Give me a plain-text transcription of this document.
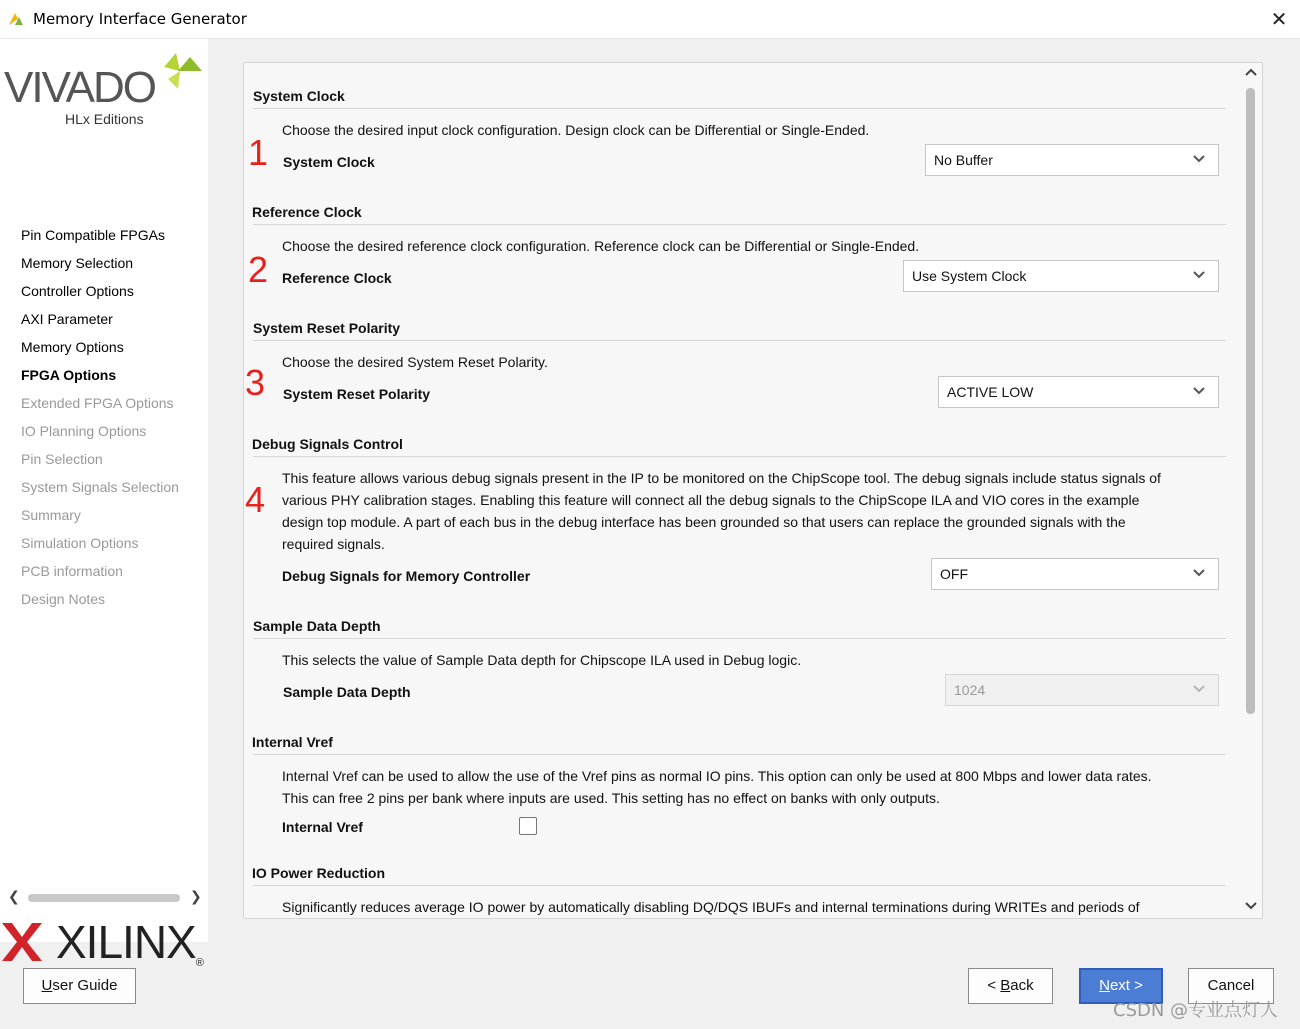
Memory Interface Generator	✕
VIVADO
HLx Editions
Pin Compatible FPGAs
Memory Selection
Controller Options
AXI Parameter
Memory Options
FPGA Options
Extended FPGA Options
IO Planning Options
Pin Selection
System Signals Selection
Summary
Simulation Options
PCB information
Design Notes
❮	❯
XILINX®
System Clock
Choose the desired input clock configuration. Design clock can be Differential or Single-Ended.
System Clock	No Buffer
Reference Clock
Choose the desired reference clock configuration. Reference clock can be Differential or Single-Ended.
Reference Clock	Use System Clock
System Reset Polarity
Choose the desired System Reset Polarity.
System Reset Polarity	ACTIVE LOW
Debug Signals Control
This feature allows various debug signals present in the IP to be monitored on the ChipScope tool. The debug signals include status signals of
various PHY calibration stages. Enabling this feature will connect all the debug signals to the ChipScope ILA and VIO cores in the example
design top module. A part of each bus in the debug interface has been grounded so that users can replace the grounded signals with the
required signals.
Debug Signals for Memory Controller	OFF
Sample Data Depth
This selects the value of Sample Data depth for Chipscope ILA used in Debug logic.
Sample Data Depth	1024
Internal Vref
Internal Vref can be used to allow the use of the Vref pins as normal IO pins. This option can only be used at 800 Mbps and lower data rates.
This can free 2 pins per bank where inputs are used. This setting has no effect on banks with only outputs.
Internal Vref
IO Power Reduction
Significantly reduces average IO power by automatically disabling DQ/DQS IBUFs and internal terminations during WRITEs and periods of
1
2
3
4
User Guide	< Back	Next >	Cancel
CSDN @专业点灯人
